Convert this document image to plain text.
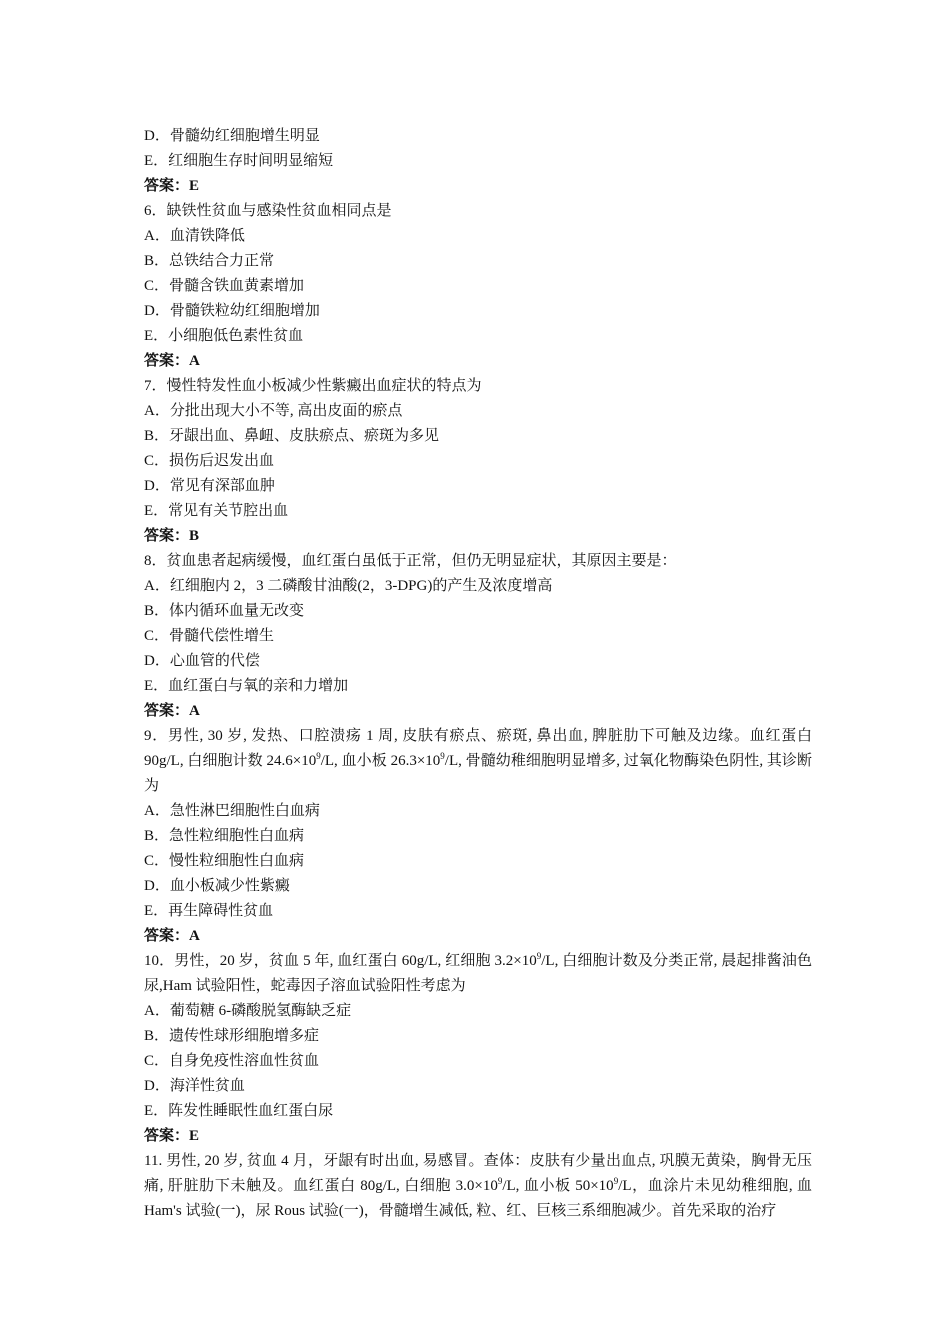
D．骨髓幼红细胞增生明显
E．红细胞生存时间明显缩短
答案：E
6．缺铁性贫血与感染性贫血相同点是
A．血清铁降低
B．总铁结合力正常
C．骨髓含铁血黄素增加
D．骨髓铁粒幼红细胞增加
E．小细胞低色素性贫血
答案：A
7．慢性特发性血小板减少性紫癜出血症状的特点为
A．分批出现大小不等, 高出皮面的瘀点
B．牙龈出血、鼻衄、皮肤瘀点、瘀斑为多见
C．损伤后迟发出血
D．常见有深部血肿
E．常见有关节腔出血
答案：B
8．贫血患者起病缓慢，血红蛋白虽低于正常，但仍无明显症状，其原因主要是：
A．红细胞内 2，3 二磷酸甘油酸(2，3-DPG)的产生及浓度增高
B．体内循环血量无改变
C．骨髓代偿性增生
D．心血管的代偿
E．血红蛋白与氧的亲和力增加
答案：A
9．男性, 30 岁, 发热、口腔溃疡 1 周, 皮肤有瘀点、瘀斑, 鼻出血, 脾脏肋下可触及边缘。血红蛋白 90g/L, 白细胞计数 $24.6\times 10^9/L$, 血小板 $26.3\times 10^9/L$, 骨髓幼稚细胞明显增多, 过氧化物酶染色阴性, 其诊断为
A．急性淋巴细胞性白血病
B．急性粒细胞性白血病
C．慢性粒细胞性白血病
D．血小板减少性紫癜
E．再生障碍性贫血
答案：A
10．男性，20 岁，贫血 5 年, 血红蛋白 60g/L, 红细胞 $3.2\times 10^9/L$, 白细胞计数及分类正常, 晨起排酱油色尿,Ham 试验阳性，蛇毒因子溶血试验阳性考虑为
A．葡萄糖 6-磷酸脱氢酶缺乏症
B．遗传性球形细胞增多症
C．自身免疫性溶血性贫血
D．海洋性贫血
E．阵发性睡眠性血红蛋白尿
答案：E
11. 男性, 20 岁, 贫血 4 月，牙龈有时出血, 易感冒。查体：皮肤有少量出血点, 巩膜无黄染，胸骨无压痛, 肝脏肋下未触及。血红蛋白 80g/L, 白细胞 $3.0\times 10^9/L$, 血小板 $50\times 10^9/L$，血涂片未见幼稚细胞, 血 Ham's 试验(一)，尿 Rous 试验(一)，骨髓增生减低, 粒、红、巨核三系细胞减少。首先采取的治疗
